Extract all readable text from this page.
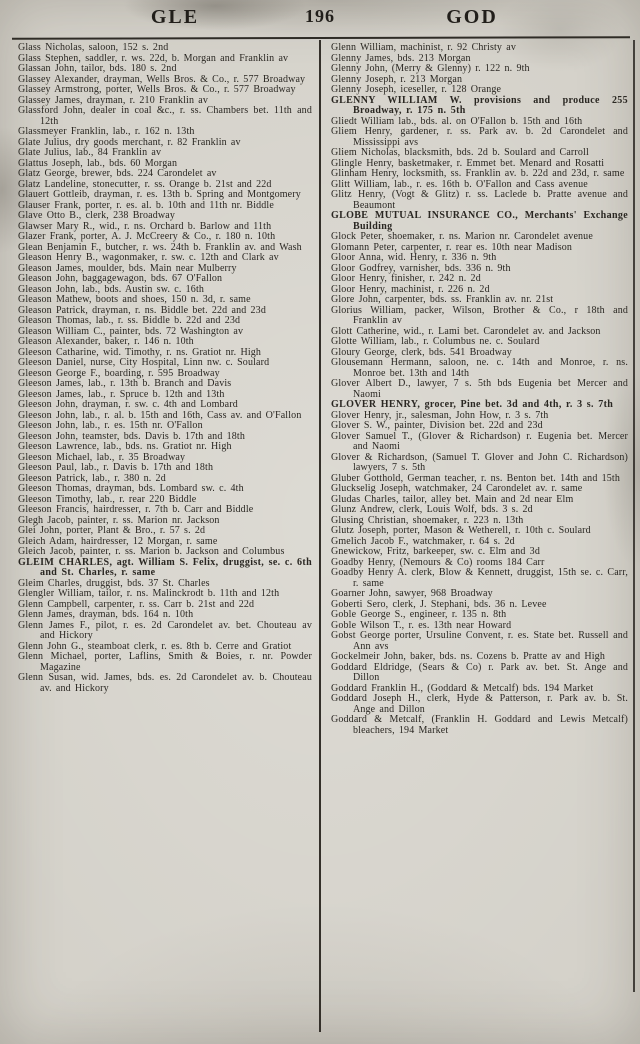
GLE	196	GOD

Glass Nicholas, saloon, 152 s. 2nd

Glass Stephen, saddler, r. ws. 22d, b. Morgan and Franklin av

Glassan John, tailor, bds. 180 s. 2nd

Glassey Alexander, drayman, Wells Bros. & Co., r. 577 Broadway

Glassey Armstrong, porter, Wells Bros. & Co., r. 577 Broadway

Glassey James, drayman, r. 210 Franklin av

Glassford John, dealer in coal &c., r. ss. Chambers bet. 11th and 12th

Glassmeyer Franklin, lab., r. 162 n. 13th

Glate Julius, dry goods merchant, r. 82 Franklin av

Glate Julius, lab., 84 Franklin av

Glattus Joseph, lab., bds. 60 Morgan

Glatz George, brewer, bds. 224 Carondelet av

Glatz Landeline, stonecutter, r. ss. Orange b. 21st and 22d

Glauert Gottleib, drayman, r. es. 13th b. Spring and Montgomery

Glauser Frank, porter, r. es. al. b. 10th and 11th nr. Biddle

Glave Otto B., clerk, 238 Broadway

Glawser Mary R., wid., r. ns. Orchard b. Barlow and 11th

Glazer Frank, porter, A. J. McCreery & Co., r. 180 n. 10th

Glean Benjamin F., butcher, r. ws. 24th b. Franklin av. and Wash

Gleason Henry B., wagonmaker, r. sw. c. 12th and Clark av

Gleason James, moulder, bds. Main near Mulberry

Gleason John, baggagewagon, bds. 67 O'Fallon

Gleason John, lab., bds. Austin sw. c. 16th

Gleason Mathew, boots and shoes, 150 n. 3d, r. same

Gleason Patrick, drayman, r. ns. Biddle bet. 22d and 23d

Gleason Thomas, lab., r. ss. Biddle b. 22d and 23d

Gleason William C., painter, bds. 72 Washington av

Gleason Alexander, baker, r. 146 n. 10th

Gleeson Catharine, wid. Timothy, r. ns. Gratiot nr. High

Gleeson Daniel, nurse, City Hospital, Linn nw. c. Soulard

Gleeson George F., boarding, r. 595 Broadway

Gleeson James, lab., r. 13th b. Branch and Davis

Gleeson James, lab., r. Spruce b. 12th and 13th

Gleeson John, drayman, r. sw. c. 4th and Lombard

Gleeson John, lab., r. al. b. 15th and 16th, Cass av. and O'Fallon

Gleeson John, lab., r. es. 15th nr. O'Fallon

Gleeson John, teamster, bds. Davis b. 17th and 18th

Gleeson Lawrence, lab., bds. ns. Gratiot nr. High

Gleeson Michael, lab., r. 35 Broadway

Gleeson Paul, lab., r. Davis b. 17th and 18th

Gleeson Patrick, lab., r. 380 n. 2d

Gleeson Thomas, drayman, bds. Lombard sw. c. 4th

Gleeson Timothy, lab., r. rear 220 Biddle

Gleeson Francis, hairdresser, r. 7th b. Carr and Biddle

Glegh Jacob, painter, r. ss. Marion nr. Jackson

Glei John, porter, Plant & Bro., r. 57 s. 2d

Gleich Adam, hairdresser, 12 Morgan, r. same

Gleich Jacob, painter, r. ss. Marion b. Jackson and Columbus

GLEIM CHARLES, agt. William S. Felix, druggist, se. c. 6th and St. Charles, r. same

Gleim Charles, druggist, bds. 37 St. Charles

Glengler William, tailor, r. ns. Malinckrodt b. 11th and 12th

Glenn Campbell, carpenter, r. ss. Carr b. 21st and 22d

Glenn James, drayman, bds. 164 n. 10th

Glenn James F., pilot, r. es. 2d Carondelet av. bet. Chouteau av and Hickory

Glenn John G., steamboat clerk, r. es. 8th b. Cerre and Gratiot

Glenn Michael, porter, Laflins, Smith & Boies, r. nr. Powder Magazine

Glenn Susan, wid. James, bds. es. 2d Carondelet av. b. Chouteau av. and Hickory

Glenn William, machinist, r. 92 Christy av

Glenny James, bds. 213 Morgan

Glenny John, (Merry & Glenny) r. 122 n. 9th

Glenny Joseph, r. 213 Morgan

Glenny Joseph, iceseller, r. 128 Orange

GLENNY WILLIAM W. provisions and produce 255 Broadway, r. 175 n. 5th

Gliedt William lab., bds. al. on O'Fallon b. 15th and 16th

Gliem Henry, gardener, r. ss. Park av. b. 2d Carondelet and Mississippi avs

Gliem Nicholas, blacksmith, bds. 2d b. Soulard and Carroll

Glingle Henry, basketmaker, r. Emmet bet. Menard and Rosatti

Glinham Henry, locksmith, ss. Franklin av. b. 22d and 23d, r. same

Glitt William, lab., r. es. 16th b. O'Fallon and Cass avenue

Glitz Henry, (Vogt & Glitz) r. ss. Laclede b. Pratte avenue and Beaumont

GLOBE MUTUAL INSURANCE CO., Merchants' Exchange Building

Glock Peter, shoemaker, r. ns. Marion nr. Carondelet avenue

Glomann Peter, carpenter, r. rear es. 10th near Madison

Gloor Anna, wid. Henry, r. 336 n. 9th

Gloor Godfrey, varnisher, bds. 336 n. 9th

Gloor Henry, finisher, r. 242 n. 2d

Gloor Henry, machinist, r. 226 n. 2d

Glore John, carpenter, bds. ss. Franklin av. nr. 21st

Glorius William, packer, Wilson, Brother & Co., r 18th and Franklin av

Glott Catherine, wid., r. Lami bet. Carondelet av. and Jackson

Glotte William, lab., r. Columbus ne. c. Soulard

Gloury George, clerk, bds. 541 Broadway

Glousemann Hermann, saloon, ne. c. 14th and Monroe, r. ns. Monroe bet. 13th and 14th

Glover Albert D., lawyer, 7 s. 5th bds Eugenia bet Mercer and Naomi

GLOVER HENRY, grocer, Pine bet. 3d and 4th, r. 3 s. 7th

Glover Henry, jr., salesman, John How, r. 3 s. 7th

Glover S. W., painter, Division bet. 22d and 23d

Glover Samuel T., (Glover & Richardson) r. Eugenia bet. Mercer and Naomi

Glover & Richardson, (Samuel T. Glover and John C. Richardson) lawyers, 7 s. 5th

Gluber Gotthold, German teacher, r. ns. Benton bet. 14th and 15th

Gluckselig Joseph, watchmaker, 24 Carondelet av. r. same

Gludas Charles, tailor, alley bet. Main and 2d near Elm

Glunz Andrew, clerk, Louis Wolf, bds. 3 s. 2d

Glusing Christian, shoemaker, r. 223 n. 13th

Glutz Joseph, porter, Mason & Wetherell, r. 10th c. Soulard

Gmelich Jacob F., watchmaker, r. 64 s. 2d

Gnewickow, Fritz, barkeeper, sw. c. Elm and 3d

Goadby Henry, (Nemours & Co) rooms 184 Carr

Goadby Henry A. clerk, Blow & Kennett, druggist, 15th se. c. Carr, r. same

Goarner John, sawyer, 968 Broadway

Goberti Sero, clerk, J. Stephani, bds. 36 n. Levee

Goble George S., engineer, r. 135 n. 8th

Goble Wilson T., r. es. 13th near Howard

Gobst George porter, Ursuline Convent, r. es. State bet. Russell and Ann avs

Gockelmeir John, baker, bds. ns. Cozens b. Pratte av and High

Goddard Eldridge, (Sears & Co) r. Park av. bet. St. Ange and Dillon

Goddard Franklin H., (Goddard & Metcalf) bds. 194 Market

Goddard Joseph H., clerk, Hyde & Patterson, r. Park av. b. St. Ange and Dillon

Goddard & Metcalf, (Franklin H. Goddard and Lewis Metcalf) bleachers, 194 Market
